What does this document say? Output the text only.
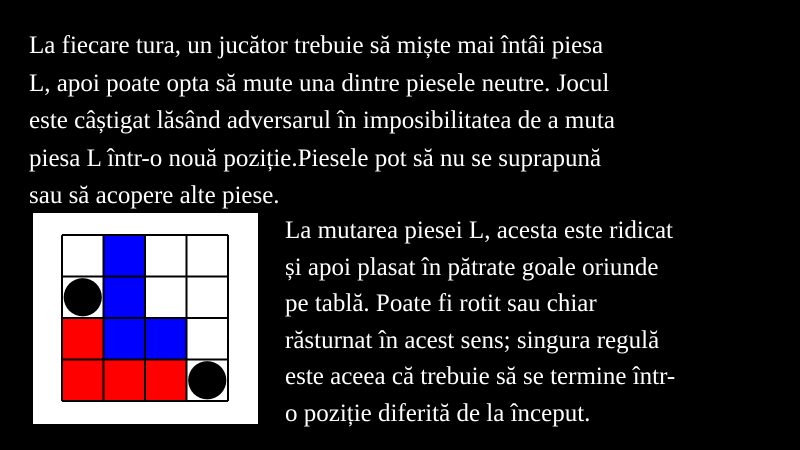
La fiecare tura, un jucător trebuie să miște mai întâi piesa
L, apoi poate opta să mute una dintre piesele neutre. Jocul
este câștigat lăsând adversarul în imposibilitatea de a muta
piesa L într-o nouă poziție.Piesele pot să nu se suprapună
sau să acopere alte piese.
La mutarea piesei L, acesta este ridicat
și apoi plasat în pătrate goale oriunde
pe tablă. Poate fi rotit sau chiar
răsturnat în acest sens; singura regulă
este aceea că trebuie să se termine într-
o poziție diferită de la început.
